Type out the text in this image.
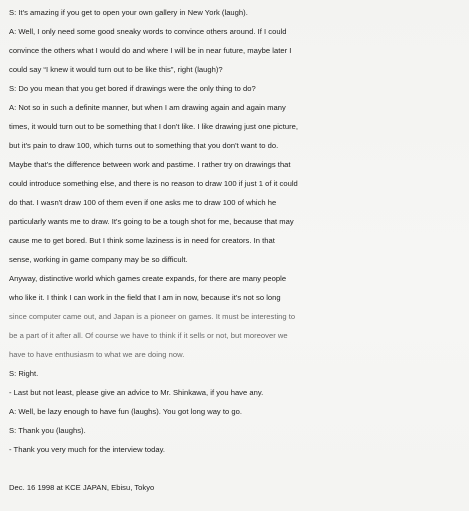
S: It's amazing if you get to open your own gallery in New York (laugh).
A: Well, I only need some good sneaky words to convince others around. If I could
convince the others what I would do and where I will be in near future, maybe later I
could say “I knew it would turn out to be like this”, right (laugh)?
S: Do you mean that you get bored if drawings were the only thing to do?
A: Not so in such a definite manner, but when I am drawing again and again many
times, it would turn out to be something that I don't like. I like drawing just one picture,
but it's pain to draw 100, which turns out to something that you don't want to do.
Maybe that's the difference between work and pastime. I rather try on drawings that
could introduce something else, and there is no reason to draw 100 if just 1 of it could
do that. I wasn't draw 100 of them even if one asks me to draw 100 of which he
particularly wants me to draw. It's going to be a tough shot for me, because that may
cause me to get bored. But I think some laziness is in need for creators. In that
sense, working in game company may be so difficult.
Anyway, distinctive world which games create expands, for there are many people
who like it. I think I can work in the field that I am in now, because it's not so long
since computer came out, and Japan is a pioneer on games. It must be interesting to
be a part of it after all. Of course we have to think if it sells or not, but moreover we
have to have enthusiasm to what we are doing now.
S: Right.
- Last but not least, please give an advice to Mr. Shinkawa, if you have any.
A: Well, be lazy enough to have fun (laughs). You got long way to go.
S: Thank you (laughs).
- Thank you very much for the interview today.
Dec. 16 1998 at KCE JAPAN, Ebisu, Tokyo
